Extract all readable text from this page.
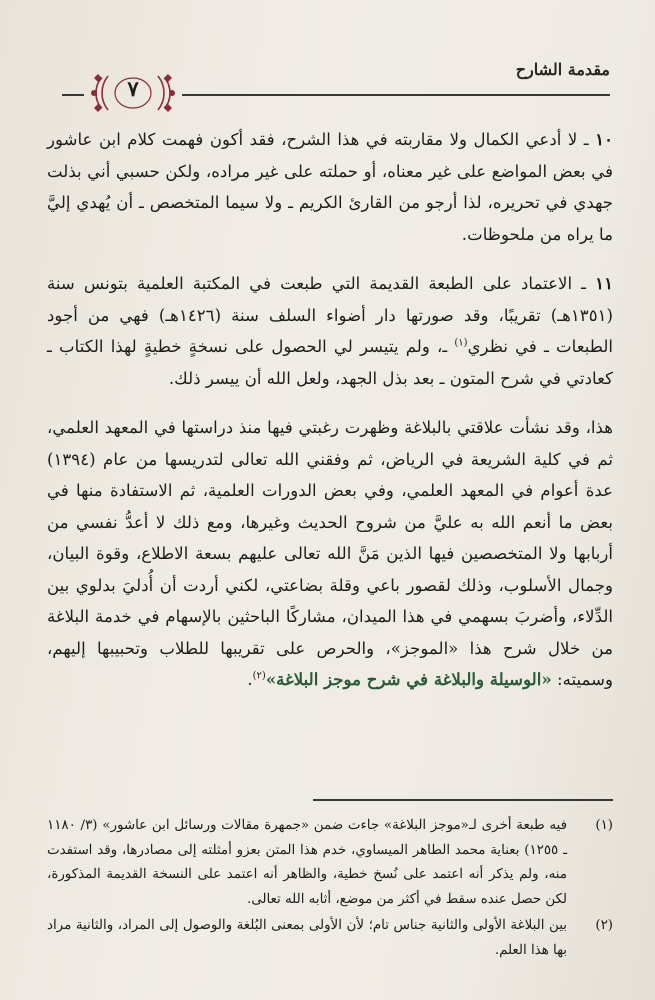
مقدمة الشارح
٧

١٠ ـ لا أدعي الكمال ولا مقاربته في هذا الشرح، فقد أكون فهمت كلام ابن عاشور في بعض المواضع على غير معناه، أو حملته على غير مراده، ولكن حسبي أني بذلت جهدي في تحريره، لذا أرجو من القارئ الكريم ـ ولا سيما المتخصص ـ أن يُهدي إليَّ ما يراه من ملحوظات.

١١ ـ الاعتماد على الطبعة القديمة التي طبعت في المكتبة العلمية بتونس سنة (١٣٥١هـ) تقريبًا، وقد صورتها دار أضواء السلف سنة (١٤٢٦هـ) فهي من أجود الطبعات ـ في نظري$^{(١)}$ ـ، ولم يتيسر لي الحصول على نسخةٍ خطيةٍ لهذا الكتاب ـ كعادتي في شرح المتون ـ بعد بذل الجهد، ولعل الله أن ييسر ذلك.

هذا، وقد نشأت علاقتي بالبلاغة وظهرت رغبتي فيها منذ دراستها في المعهد العلمي، ثم في كلية الشريعة في الرياض، ثم وفقني الله تعالى لتدريسها من عام (١٣٩٤) عدة أعوام في المعهد العلمي، وفي بعض الدورات العلمية، ثم الاستفادة منها في بعض ما أنعم الله به عليَّ من شروح الحديث وغيرها، ومع ذلك لا أعدُّ نفسي من أربابها ولا المتخصصين فيها الذين مَنَّ الله تعالى عليهم بسعة الاطلاع، وقوة البيان، وجمال الأسلوب، وذلك لقصور باعي وقلة بضاعتي، لكني أردت أن أُدليَ بدلوي بين الدِّلاء، وأضربَ بسهمي في هذا الميدان، مشاركًا الباحثين بالإسهام في خدمة البلاغة من خلال شرح هذا «الموجز»، والحرص على تقريبها للطلاب وتحبيبها إليهم، وسميته: «الوسيلة والبلاغة في شرح موجز البلاغة»$^{(٢)}$.

(١)
فيه طبعة أخرى لـ«موجز البلاغة» جاءت ضمن «جمهرة مقالات ورسائل ابن عاشور» (٣/ ١١٨٠ ـ ١٢٥٥) بعناية محمد الطاهر الميساوي، خدم هذا المتن بعزو أمثلته إلى مصادرها، وقد استفدت منه، ولم يذكر أنه اعتمد على نُسخ خطية، والظاهر أنه اعتمد على النسخة القديمة المذكورة، لكن حصل عنده سقط في أكثر من موضع، أثابه الله تعالى.

(٢)
بين البلاغة الأولى والثانية جناس تام؛ لأن الأولى بمعنى البُلغة والوصول إلى المراد، والثانية مراد بها هذا العلم.
